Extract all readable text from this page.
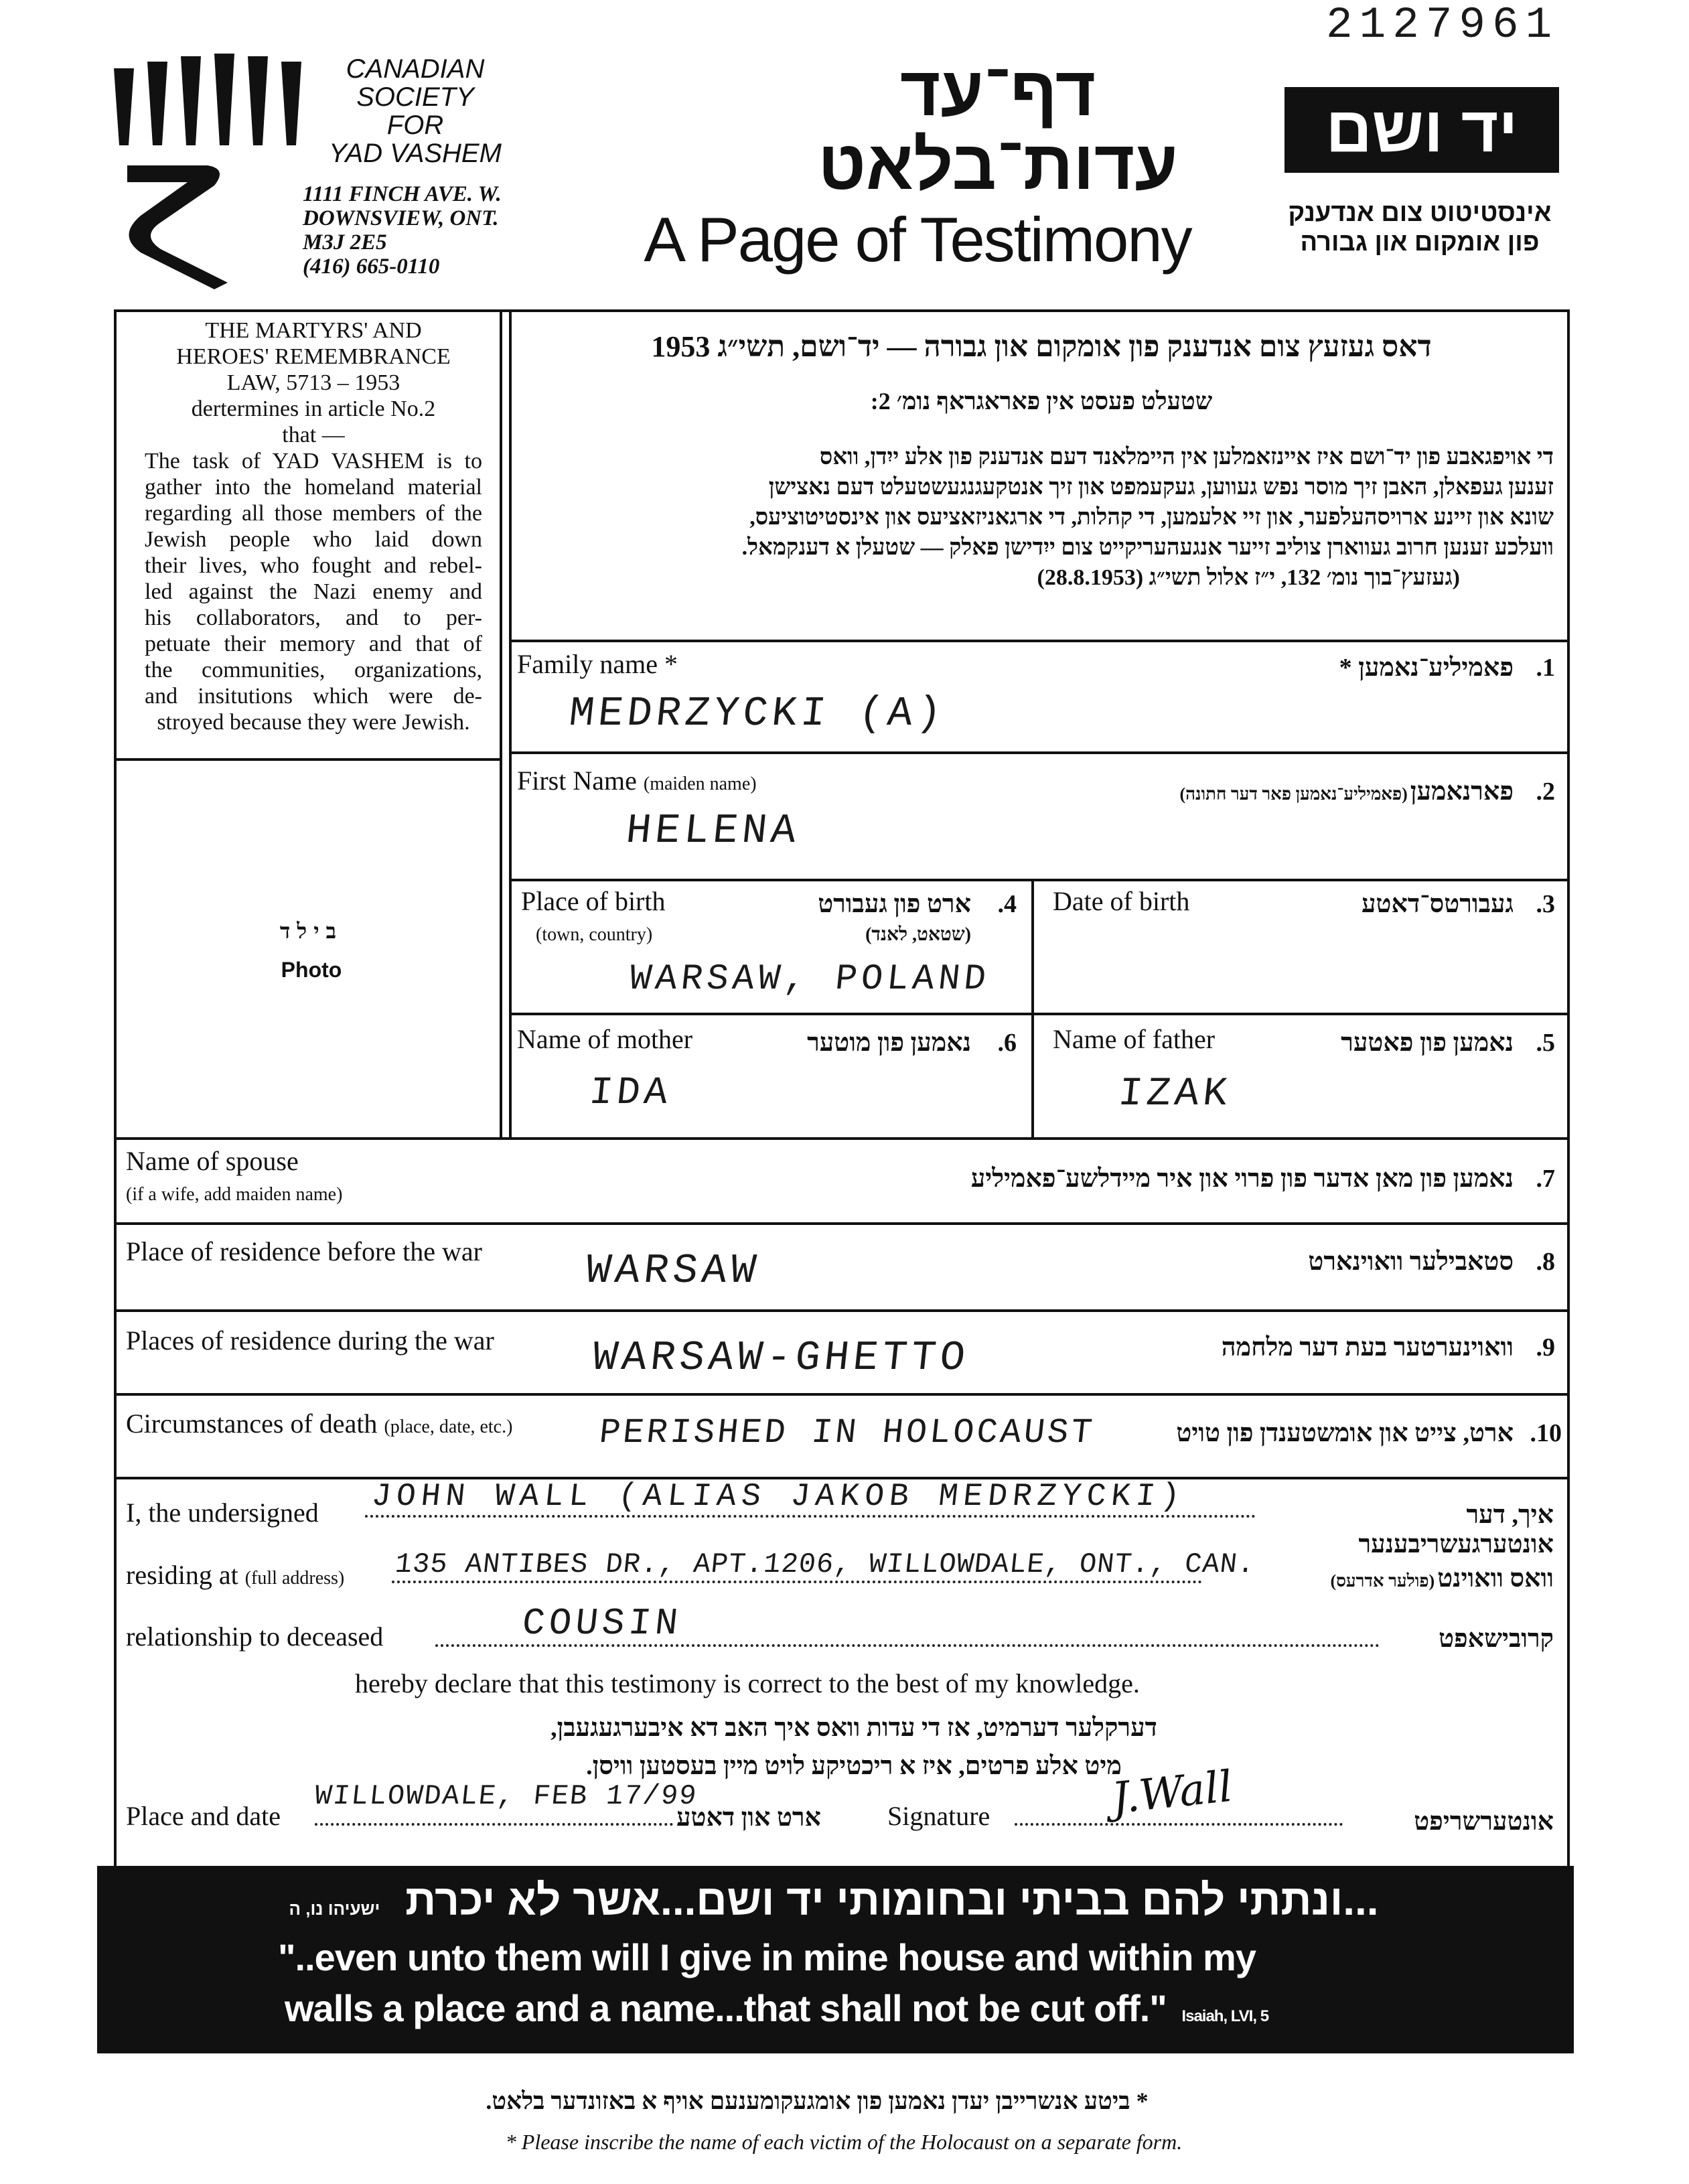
2127961
CANADIAN
SOCIETY
FOR
YAD VASHEM
1111 FINCH AVE. W.
DOWNSVIEW, ONT.
M3J 2E5
(416) 665-0110
דף־עד
עדות־בלאט
A Page of Testimony
יד ושם
אינסטיטוט צום אנדענק
פון אומקום און גבורה
THE MARTYRS' AND
HEROES' REMEMBRANCE
LAW, 5713 – 1953
dertermines in article No.2
that —
The task of YAD VASHEM is to
gather into the homeland material
regarding all those members of the
Jewish people who laid down
their lives, who fought and rebel-
led against the Nazi enemy and
his collaborators, and to per-
petuate their memory and that of
the communities, organizations,
and insitutions which were de-
stroyed because they were Jewish.
בילד
Photo
דאס געזעץ צום אנדענק פון אומקום און גבורה — יד־ושם, תשי״ג 1953
שטעלט פעסט אין פאראגראף נומ׳ 2:
די אויפגאבע פון יד־ושם איז איינזאמלען אין היימלאנד דעם אנדענק פון אלע ייִדן, וואס
זענען געפאלן, האבן זיך מוסר נפש געווען, געקעמפט און זיך אנטקעגנגעשטעלט דעם נאצישן
שונא און זיינע ארויסהעלפער, און זיי אלעמען, די קהלות, די ארגאניזאציעס און אינסטיטוציעס,
וועלכע זענען חרוב געווארן צוליב זייער אנגעהעריקייט צום ייִדישן פאלק — שטעלן א דענקמאל.
(געזעץ־בוך נומ׳ 132, י״ז אלול תשי״ג (28.8.1953)
Family name *	פאמיליע־נאמען * .1
MEDRZYCKI (A)
First Name (maiden name)	פארנאמען (פאמיליע־נאמען פאר דער חתונה)	.2
HELENA
Place of birth
(town, country)
ארט פון געבורט
(שטאט, לאנד)
.4
WARSAW, POLAND
Date of birth	געבורטס־דאטע .3
Name of mother	נאמען פון מוטער	.6
IDA
Name of father	נאמען פון פאטער .5
IZAK
Name of spouse
(if a wife, add maiden name)
נאמען פון מאן אדער פון פרוי און איר מיידלשע־פאמיליע .7
Place of residence before the war	סטאבילער וואוינארט .8
WARSAW
Places of residence during the war	וואוינערטער בעת דער מלחמה .9
WARSAW-GHETTO
Circumstances of death (place, date, etc.)	ארט, צייט און אומשטענדן פון טויט .10
PERISHED IN HOLOCAUST
I, the undersigned JOHN WALL (ALIAS JAKOB MEDRZYCKI)	איך, דער אונטערגעשריבענער
residing at (full address) 135 ANTIBES DR., APT.1206, WILLOWDALE, ONT., CAN.	וואס וואוינט (פולער אדרעס)
relationship to deceased	COUSIN	קרובישאפט
hereby declare that this testimony is correct to the best of my knowledge.
דערקלער דערמיט, אז די עדות וואס איך האב דא איבערגעגעבן,
מיט אלע פרטים, איז א ריכטיקע לויט מיין בעסטען וויסן.
Place and date
WILLOWDALE, FEB 17/99
ארט און דאטע	Signature	J.Wall	אונטערשריפט
...ונתתי להם בביתי ובחומותי יד ושם...אשר לא יכרת ישעיהו נו, ה
"..even unto them will I give in mine house and within my
walls a place and a name...that shall not be cut off." Isaiah, LVI, 5
* ביטע אנשרייבן יעדן נאמען פון אומגעקומענעם אויף א באזונדער בלאט.
* Please inscribe the name of each victim of the Holocaust on a separate form.
